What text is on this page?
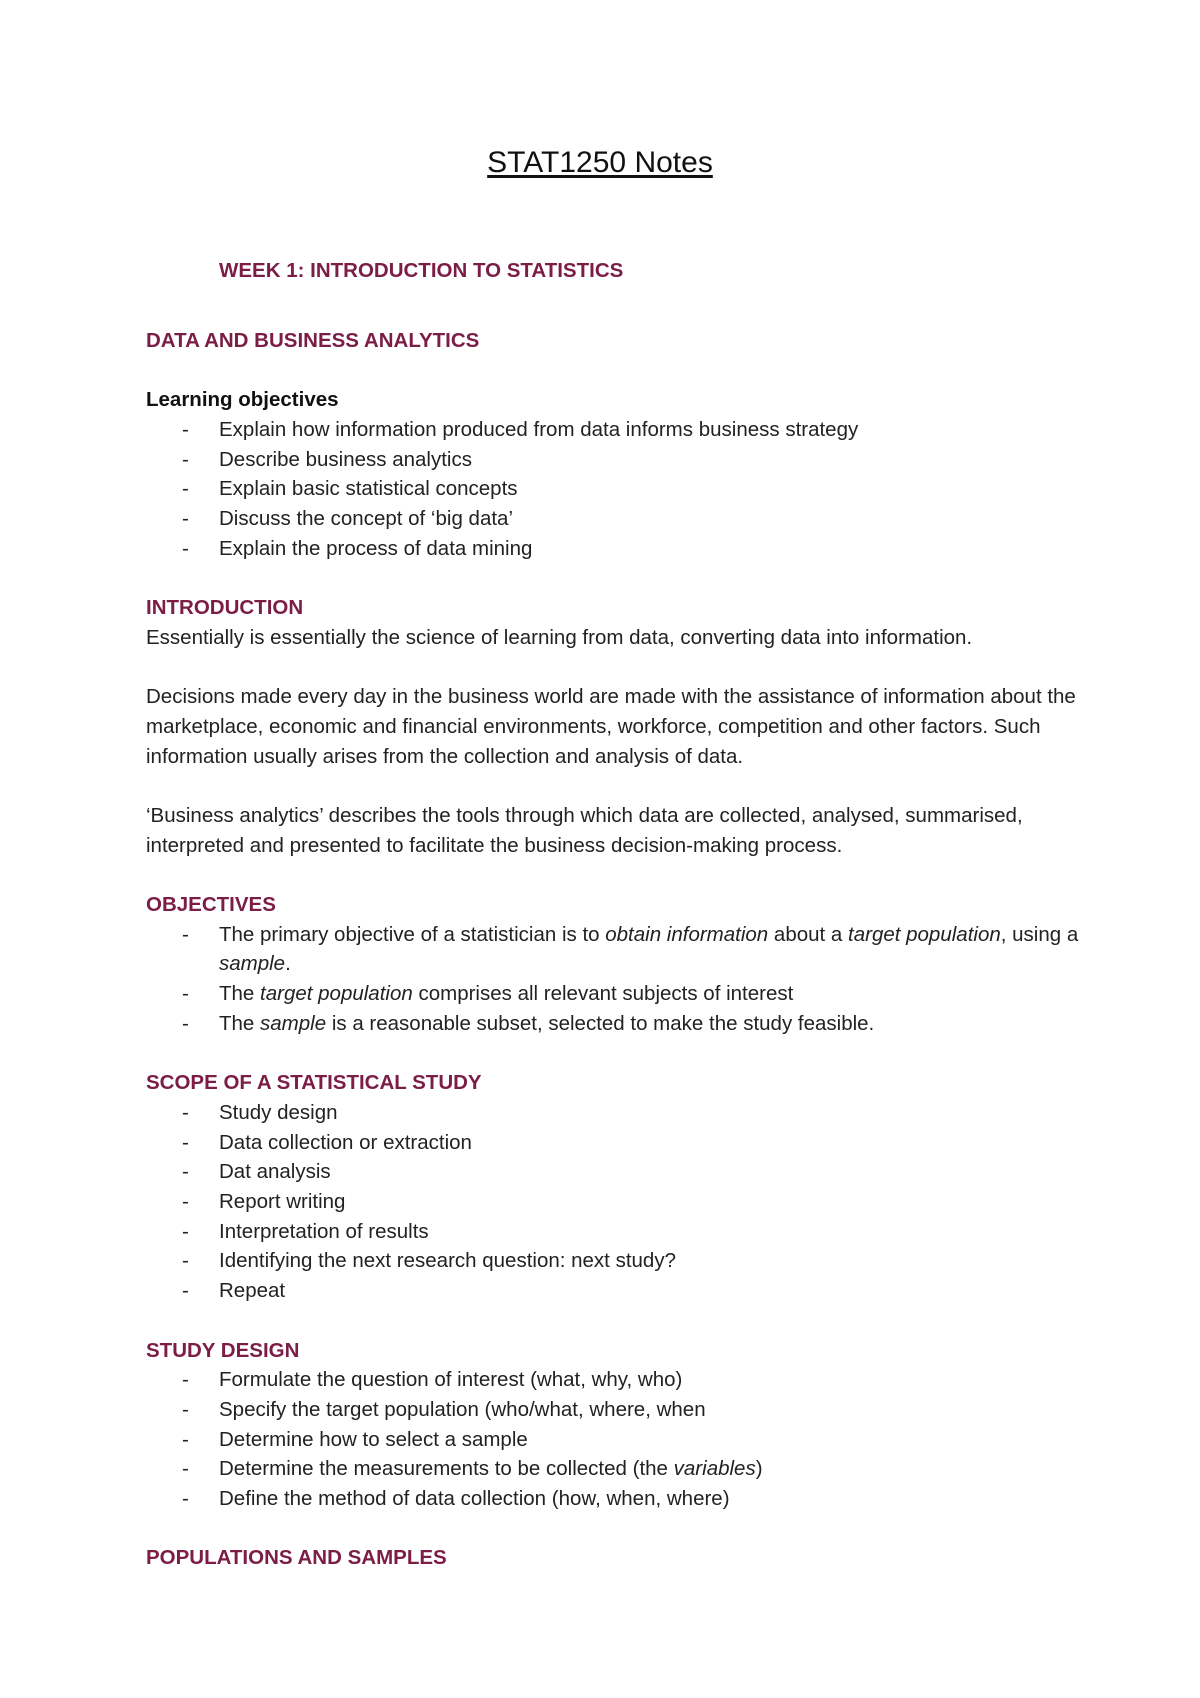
STAT1250 Notes
WEEK 1: INTRODUCTION TO STATISTICS
DATA AND BUSINESS ANALYTICS
Learning objectives
- Explain how information produced from data informs business strategy
- Describe business analytics
- Explain basic statistical concepts
- Discuss the concept of ‘big data’
- Explain the process of data mining
INTRODUCTION

Essentially is essentially the science of learning from data, converting data into information.

Decisions made every day in the business world are made with the assistance of information about the marketplace, economic and financial environments, workforce, competition and other factors. Such information usually arises from the collection and analysis of data.

‘Business analytics’ describes the tools through which data are collected, analysed, summarised, interpreted and presented to facilitate the business decision-making process.

OBJECTIVES
- The primary objective of a statistician is to obtain information about a target population, using a sample.
- The target population comprises all relevant subjects of interest
- The sample is a reasonable subset, selected to make the study feasible.
SCOPE OF A STATISTICAL STUDY
- Study design
- Data collection or extraction
- Dat analysis
- Report writing
- Interpretation of results
- Identifying the next research question: next study?
- Repeat
STUDY DESIGN
- Formulate the question of interest (what, why, who)
- Specify the target population (who/what, where, when
- Determine how to select a sample
- Determine the measurements to be collected (the variables)
- Define the method of data collection (how, when, where)
POPULATIONS AND SAMPLES
